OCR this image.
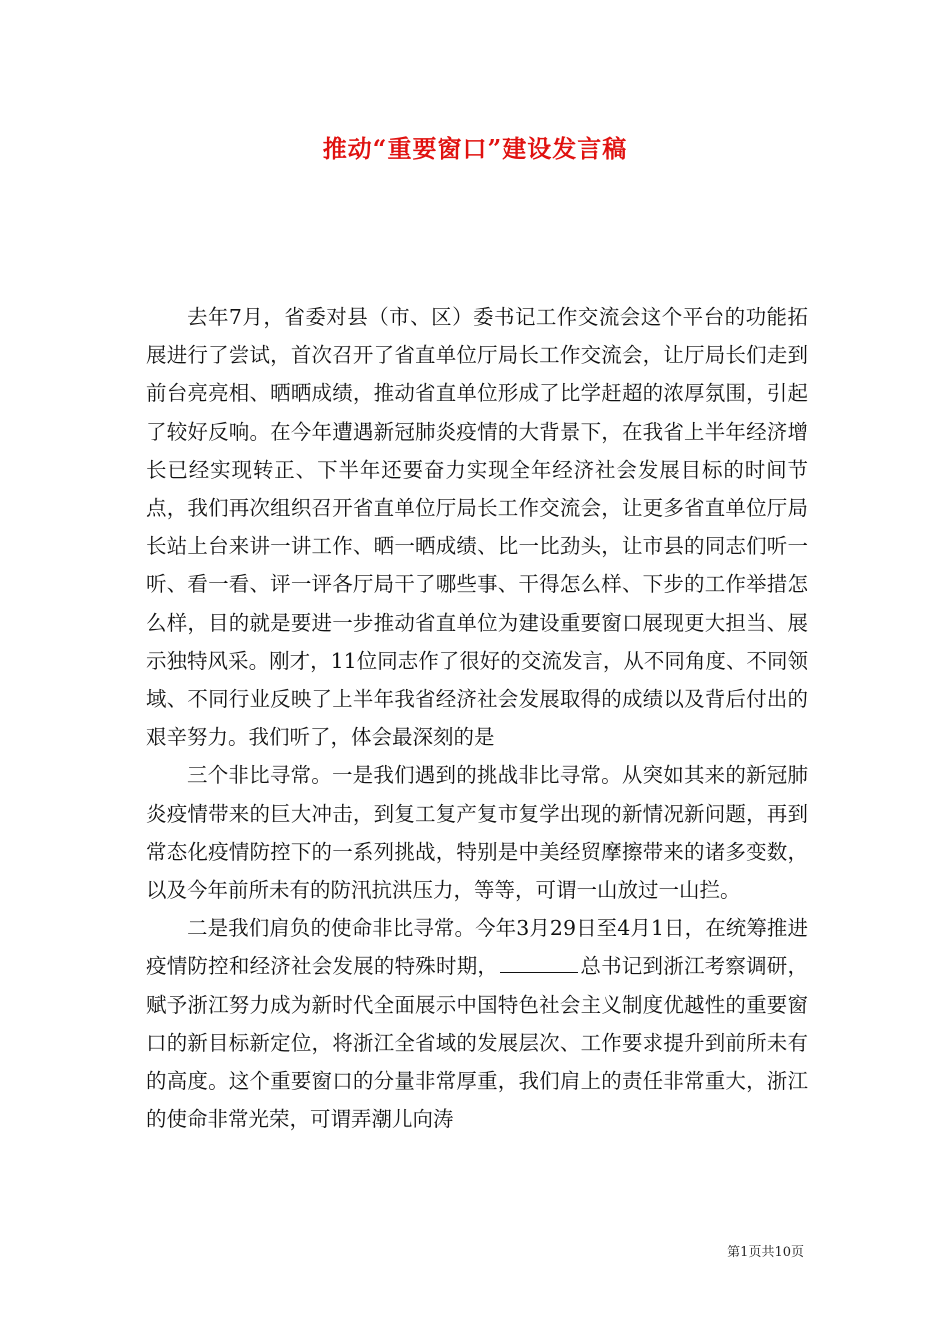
推动“重要窗口”建设发言稿

去年7月，省委对县（市、区）委书记工作交流会这个平台的功能拓展进行了尝试，首次召开了省直单位厅局长工作交流会，让厅局长们走到前台亮亮相、晒晒成绩，推动省直单位形成了比学赶超的浓厚氛围，引起了较好反响。在今年遭遇新冠肺炎疫情的大背景下，在我省上半年经济增长已经实现转正、下半年还要奋力实现全年经济社会发展目标的时间节点，我们再次组织召开省直单位厅局长工作交流会，让更多省直单位厅局长站上台来讲一讲工作、晒一晒成绩、比一比劲头，让市县的同志们听一听、看一看、评一评各厅局干了哪些事、干得怎么样、下步的工作举措怎么样，目的就是要进一步推动省直单位为建设重要窗口展现更大担当、展示独特风采。刚才，11位同志作了很好的交流发言，从不同角度、不同领域、不同行业反映了上半年我省经济社会发展取得的成绩以及背后付出的艰辛努力。我们听了，体会最深刻的是

三个非比寻常。一是我们遇到的挑战非比寻常。从突如其来的新冠肺炎疫情带来的巨大冲击，到复工复产复市复学出现的新情况新问题，再到常态化疫情防控下的一系列挑战，特别是中美经贸摩擦带来的诸多变数，以及今年前所未有的防汛抗洪压力，等等，可谓一山放过一山拦。

二是我们肩负的使命非比寻常。今年3月29日至4月1日，在统筹推进疫情防控和经济社会发展的特殊时期，	总书记到浙江考察调研，赋予浙江努力成为新时代全面展示中国特色社会主义制度优越性的重要窗口的新目标新定位，将浙江全省域的发展层次、工作要求提升到前所未有的高度。这个重要窗口的分量非常厚重，我们肩上的责任非常重大，浙江的使命非常光荣，可谓弄潮儿向涛

第1页共10页
